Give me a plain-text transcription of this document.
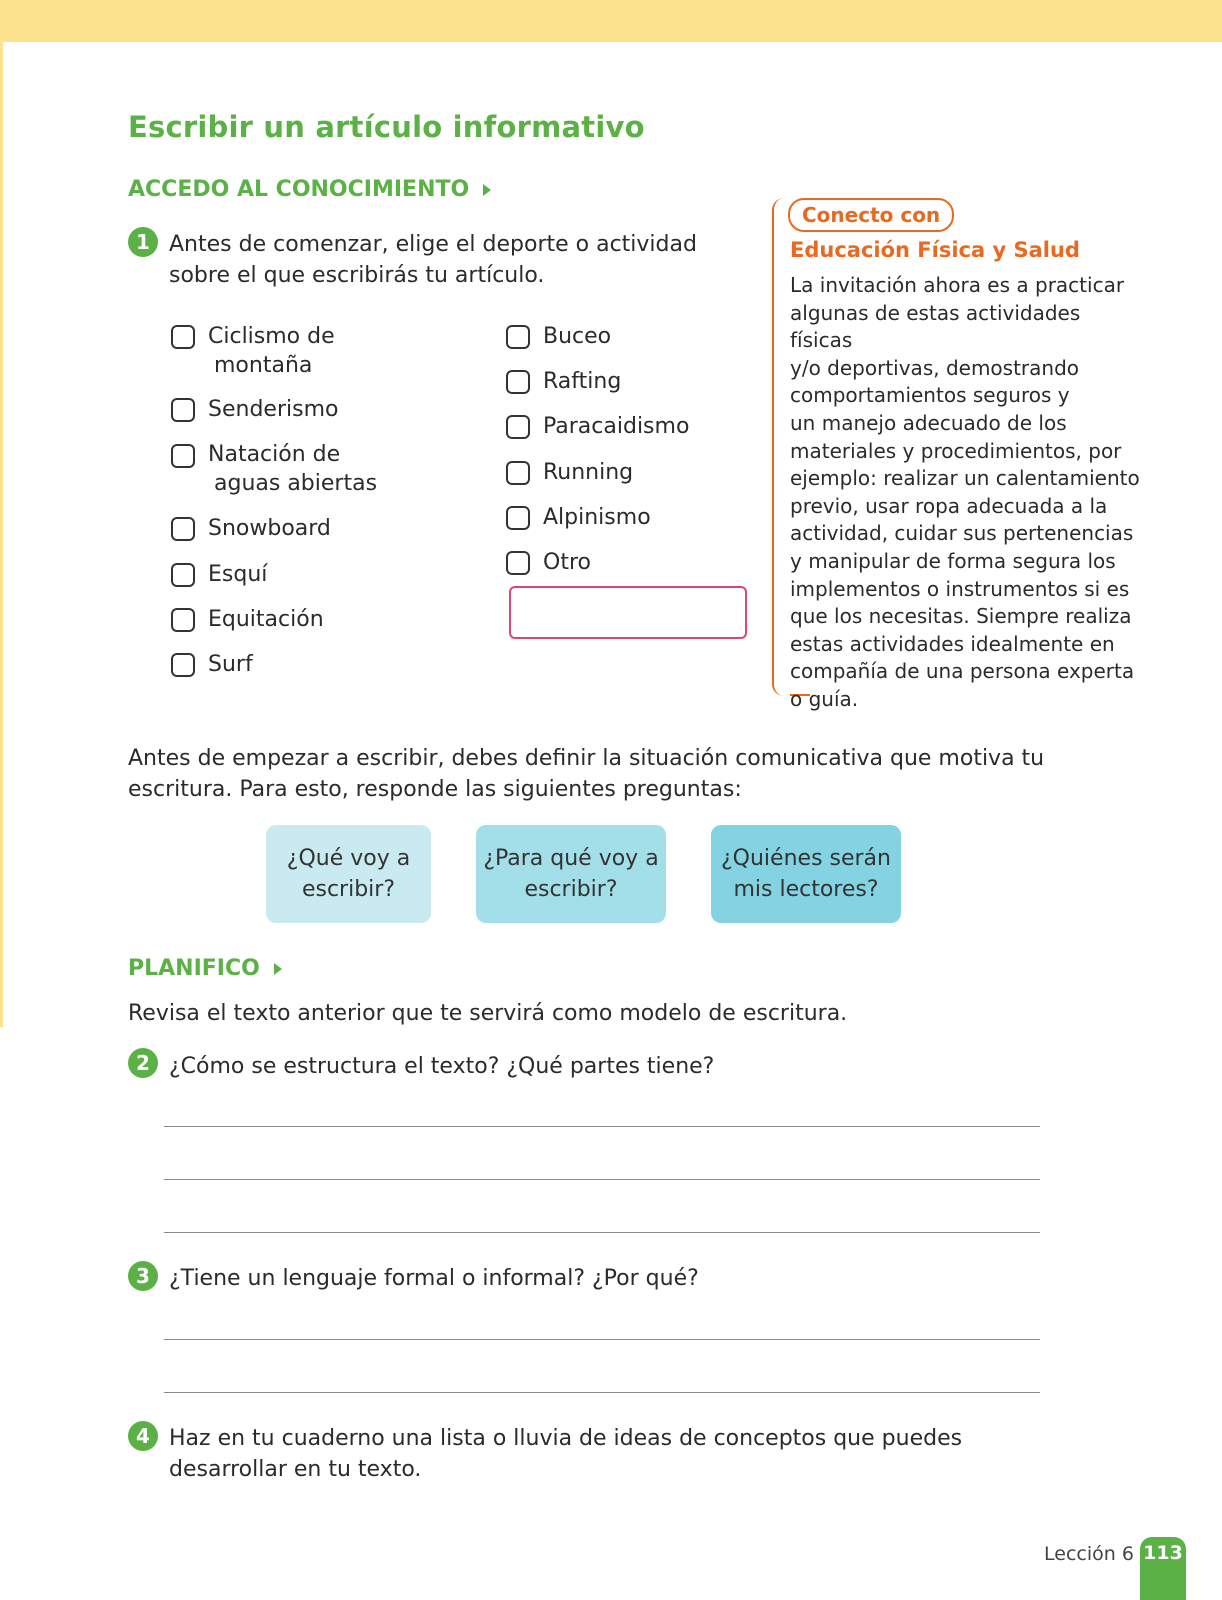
Escribir un artículo informativo
ACCEDO AL CONOCIMIENTO
1 Antes de comenzar, elige el deporte o actividad
sobre el que escribirás tu artículo.
Ciclismo de
montaña
Senderismo
Natación de
aguas abiertas
Snowboard
Esquí
Equitación
Surf
Buceo
Rafting
Paracaidismo
Running
Alpinismo
Otro
Conecto con
Educación Física y Salud
La invitación ahora es a practicar
algunas de estas actividades físicas
y/o deportivas, demostrando
comportamientos seguros y
un manejo adecuado de los
materiales y procedimientos, por
ejemplo: realizar un calentamiento
previo, usar ropa adecuada a la
actividad, cuidar sus pertenencias
y manipular de forma segura los
implementos o instrumentos si es
que los necesitas. Siempre realiza
estas actividades idealmente en
compañía de una persona experta
o guía.
Antes de empezar a escribir, debes definir la situación comunicativa que motiva tu
escritura. Para esto, responde las siguientes preguntas:
¿Qué voy a
escribir?
¿Para qué voy a
escribir?
¿Quiénes serán
mis lectores?
PLANIFICO
Revisa el texto anterior que te servirá como modelo de escritura.
2 ¿Cómo se estructura el texto? ¿Qué partes tiene?
3 ¿Tiene un lenguaje formal o informal? ¿Por qué?
4 Haz en tu cuaderno una lista o lluvia de ideas de conceptos que puedes
desarrollar en tu texto.
Lección 6 113
